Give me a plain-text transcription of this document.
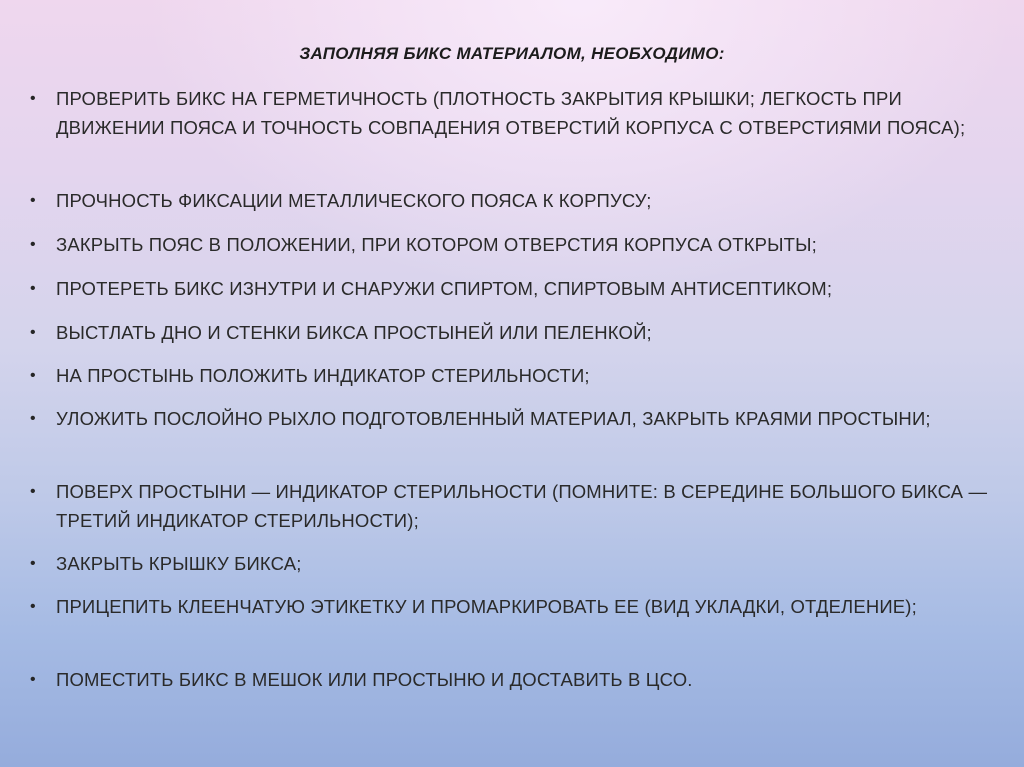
ЗАПОЛНЯЯ БИКС МАТЕРИАЛОМ, НЕОБХОДИМО:
•	ПРОВЕРИТЬ БИКС НА ГЕРМЕТИЧНОСТЬ (ПЛОТНОСТЬ ЗАКРЫТИЯ КРЫШКИ; ЛЕГКОСТЬ ПРИ ДВИЖЕНИИ ПОЯСА И ТОЧНОСТЬ СОВПАДЕНИЯ ОТВЕРСТИЙ КОРПУСА С ОТВЕРСТИЯМИ ПОЯСА);
•	ПРОЧНОСТЬ ФИКСАЦИИ МЕТАЛЛИЧЕСКОГО ПОЯСА К КОРПУСУ;
•	ЗАКРЫТЬ ПОЯС В ПОЛОЖЕНИИ, ПРИ КОТОРОМ ОТВЕРСТИЯ КОРПУСА ОТКРЫТЫ;
•	ПРОТЕРЕТЬ БИКС ИЗНУТРИ И СНАРУЖИ СПИРТОМ, СПИРТОВЫМ АНТИСЕПТИКОМ;
•	ВЫСТЛАТЬ ДНО И СТЕНКИ БИКСА ПРОСТЫНЕЙ ИЛИ ПЕЛЕНКОЙ;
•	НА ПРОСТЫНЬ ПОЛОЖИТЬ ИНДИКАТОР СТЕРИЛЬНОСТИ;
•	УЛОЖИТЬ ПОСЛОЙНО РЫХЛО ПОДГОТОВЛЕННЫЙ МАТЕРИАЛ, ЗАКРЫТЬ КРАЯМИ ПРОСТЫНИ;
•	ПОВЕРХ ПРОСТЫНИ — ИНДИКАТОР СТЕРИЛЬНОСТИ (ПОМНИТЕ: В СЕРЕДИНЕ БОЛЬШОГО БИКСА — ТРЕТИЙ ИНДИКАТОР СТЕРИЛЬНОСТИ);
•	ЗАКРЫТЬ КРЫШКУ БИКСА;
•	ПРИЦЕПИТЬ КЛЕЕНЧАТУЮ ЭТИКЕТКУ И ПРОМАРКИРОВАТЬ ЕЕ (ВИД УКЛАДКИ, ОТДЕЛЕНИЕ);
•	ПОМЕСТИТЬ БИКС В МЕШОК ИЛИ ПРОСТЫНЮ И ДОСТАВИТЬ В ЦСО.
